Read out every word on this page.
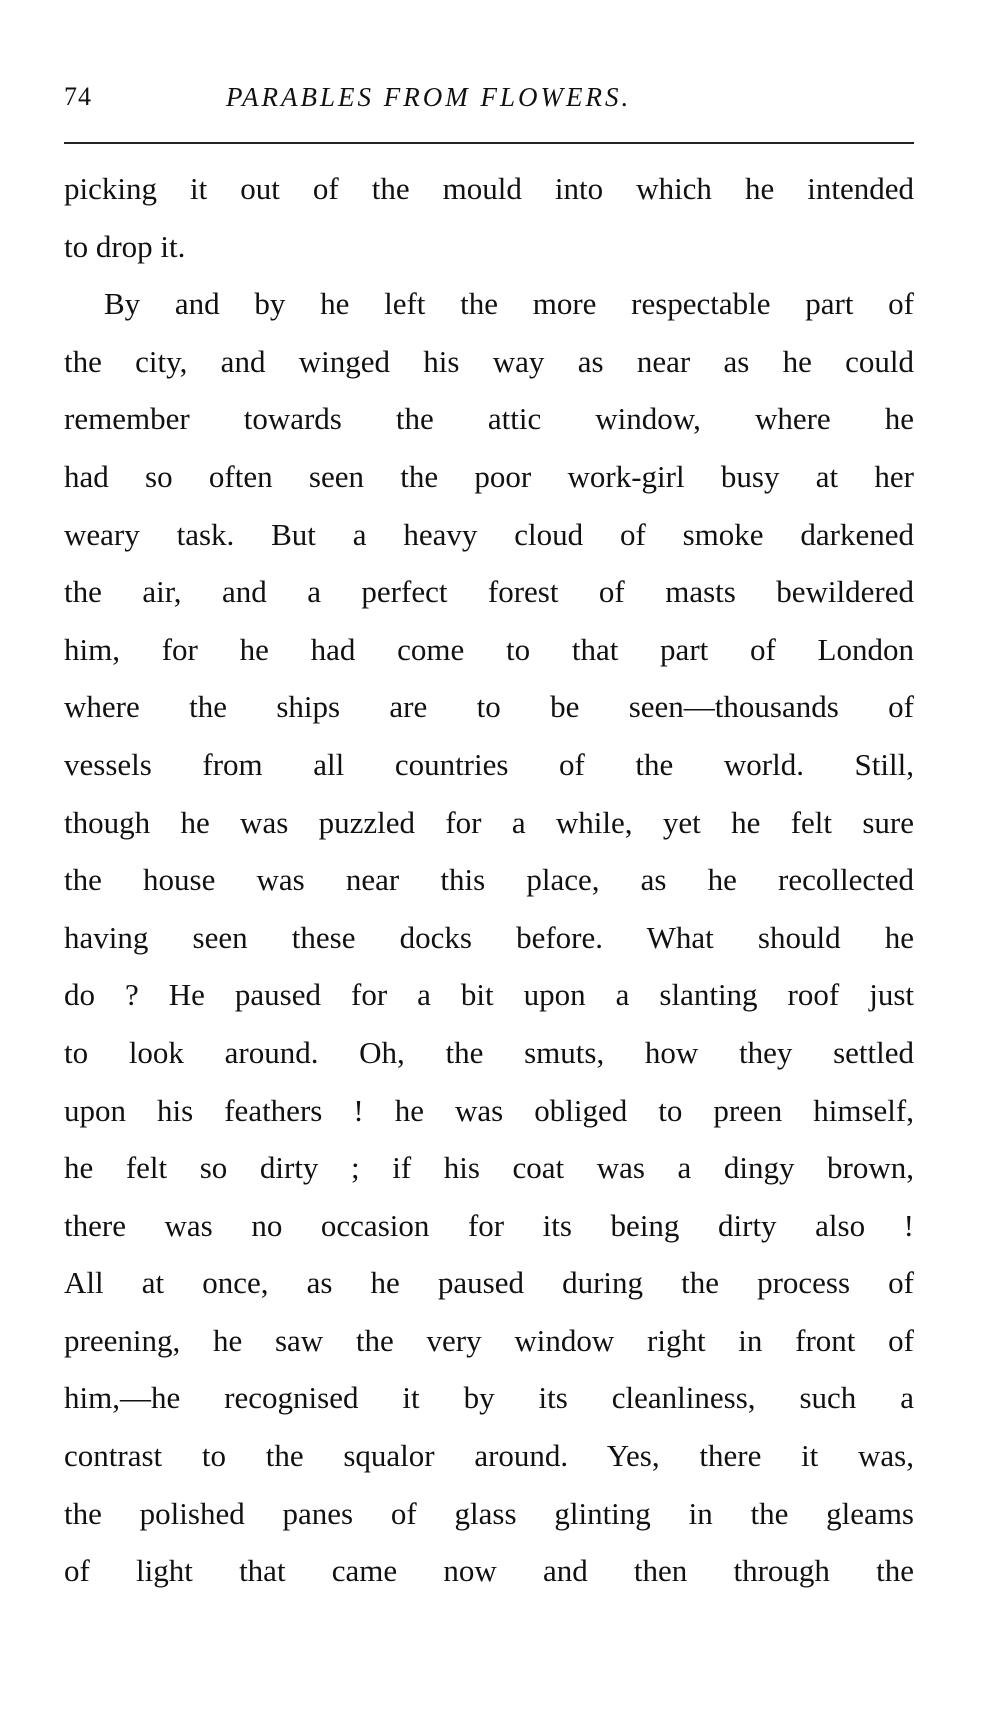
74	PARABLES FROM FLOWERS.
picking it out of the mould into which he intended
to drop it.
By and by he left the more respectable part of
the city, and winged his way as near as he could
remember towards the attic window, where he
had so often seen the poor work-girl busy at her
weary task. But a heavy cloud of smoke darkened
the air, and a perfect forest of masts bewildered
him, for he had come to that part of London
where the ships are to be seen—thousands of
vessels from all countries of the world. Still,
though he was puzzled for a while, yet he felt sure
the house was near this place, as he recollected
having seen these docks before. What should he
do ? He paused for a bit upon a slanting roof just
to look around. Oh, the smuts, how they settled
upon his feathers ! he was obliged to preen himself,
he felt so dirty ; if his coat was a dingy brown,
there was no occasion for its being dirty also !
All at once, as he paused during the process of
preening, he saw the very window right in front of
him,—he recognised it by its cleanliness, such a
contrast to the squalor around. Yes, there it was,
the polished panes of glass glinting in the gleams
of light that came now and then through the
